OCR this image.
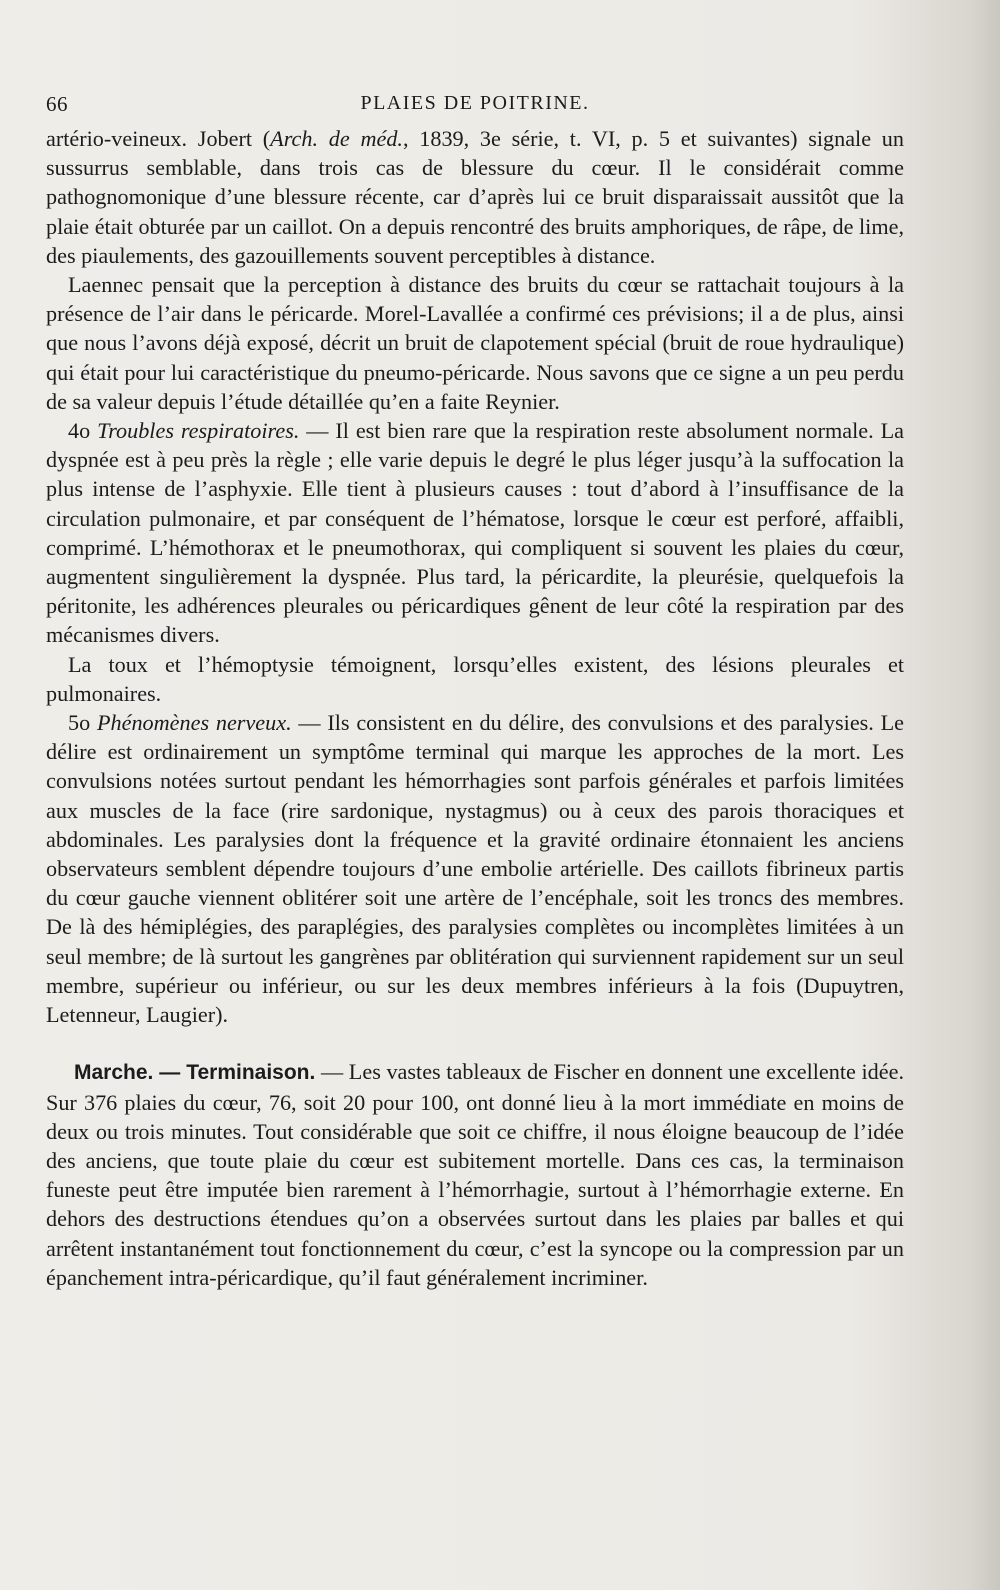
66	PLAIES DE POITRINE.

artério-veineux. Jobert (Arch. de méd., 1839, 3e série, t. VI, p. 5 et suivantes) signale un sussurrus semblable, dans trois cas de blessure du cœur. Il le considérait comme pathognomonique d’une blessure récente, car d’après lui ce bruit disparaissait aussitôt que la plaie était obturée par un caillot. On a depuis rencontré des bruits amphoriques, de râpe, de lime, des piaulements, des gazouillements souvent perceptibles à distance.

Laennec pensait que la perception à distance des bruits du cœur se rattachait toujours à la présence de l’air dans le péricarde. Morel-Lavallée a confirmé ces prévisions; il a de plus, ainsi que nous l’avons déjà exposé, décrit un bruit de clapotement spécial (bruit de roue hydraulique) qui était pour lui caractéristique du pneumo-péricarde. Nous savons que ce signe a un peu perdu de sa valeur depuis l’étude détaillée qu’en a faite Reynier.

4o Troubles respiratoires. — Il est bien rare que la respiration reste absolument normale. La dyspnée est à peu près la règle ; elle varie depuis le degré le plus léger jusqu’à la suffocation la plus intense de l’asphyxie. Elle tient à plusieurs causes : tout d’abord à l’insuffisance de la circulation pulmonaire, et par conséquent de l’hématose, lorsque le cœur est perforé, affaibli, comprimé. L’hémothorax et le pneumothorax, qui compliquent si souvent les plaies du cœur, augmentent singulièrement la dyspnée. Plus tard, la péricardite, la pleurésie, quelquefois la péritonite, les adhérences pleurales ou péricardiques gênent de leur côté la respiration par des mécanismes divers.

La toux et l’hémoptysie témoignent, lorsqu’elles existent, des lésions pleurales et pulmonaires.

5o Phénomènes nerveux. — Ils consistent en du délire, des convulsions et des paralysies. Le délire est ordinairement un symptôme terminal qui marque les approches de la mort. Les convulsions notées surtout pendant les hémorrhagies sont parfois générales et parfois limitées aux muscles de la face (rire sardonique, nystagmus) ou à ceux des parois thoraciques et abdominales. Les paralysies dont la fréquence et la gravité ordinaire étonnaient les anciens observateurs semblent dépendre toujours d’une embolie artérielle. Des caillots fibrineux partis du cœur gauche viennent oblitérer soit une artère de l’encéphale, soit les troncs des membres. De là des hémiplégies, des paraplégies, des paralysies complètes ou incomplètes limitées à un seul membre; de là surtout les gangrènes par oblitération qui surviennent rapidement sur un seul membre, supérieur ou inférieur, ou sur les deux membres inférieurs à la fois (Dupuytren, Letenneur, Laugier).

Marche. — Terminaison. — Les vastes tableaux de Fischer en donnent une excellente idée. Sur 376 plaies du cœur, 76, soit 20 pour 100, ont donné lieu à la mort immédiate en moins de deux ou trois minutes. Tout considérable que soit ce chiffre, il nous éloigne beaucoup de l’idée des anciens, que toute plaie du cœur est subitement mortelle. Dans ces cas, la terminaison funeste peut être imputée bien rarement à l’hémorrhagie, surtout à l’hémorrhagie externe. En dehors des destructions étendues qu’on a observées surtout dans les plaies par balles et qui arrêtent instantanément tout fonctionnement du cœur, c’est la syncope ou la compression par un épanchement intra-péricardique, qu’il faut généralement incriminer.
